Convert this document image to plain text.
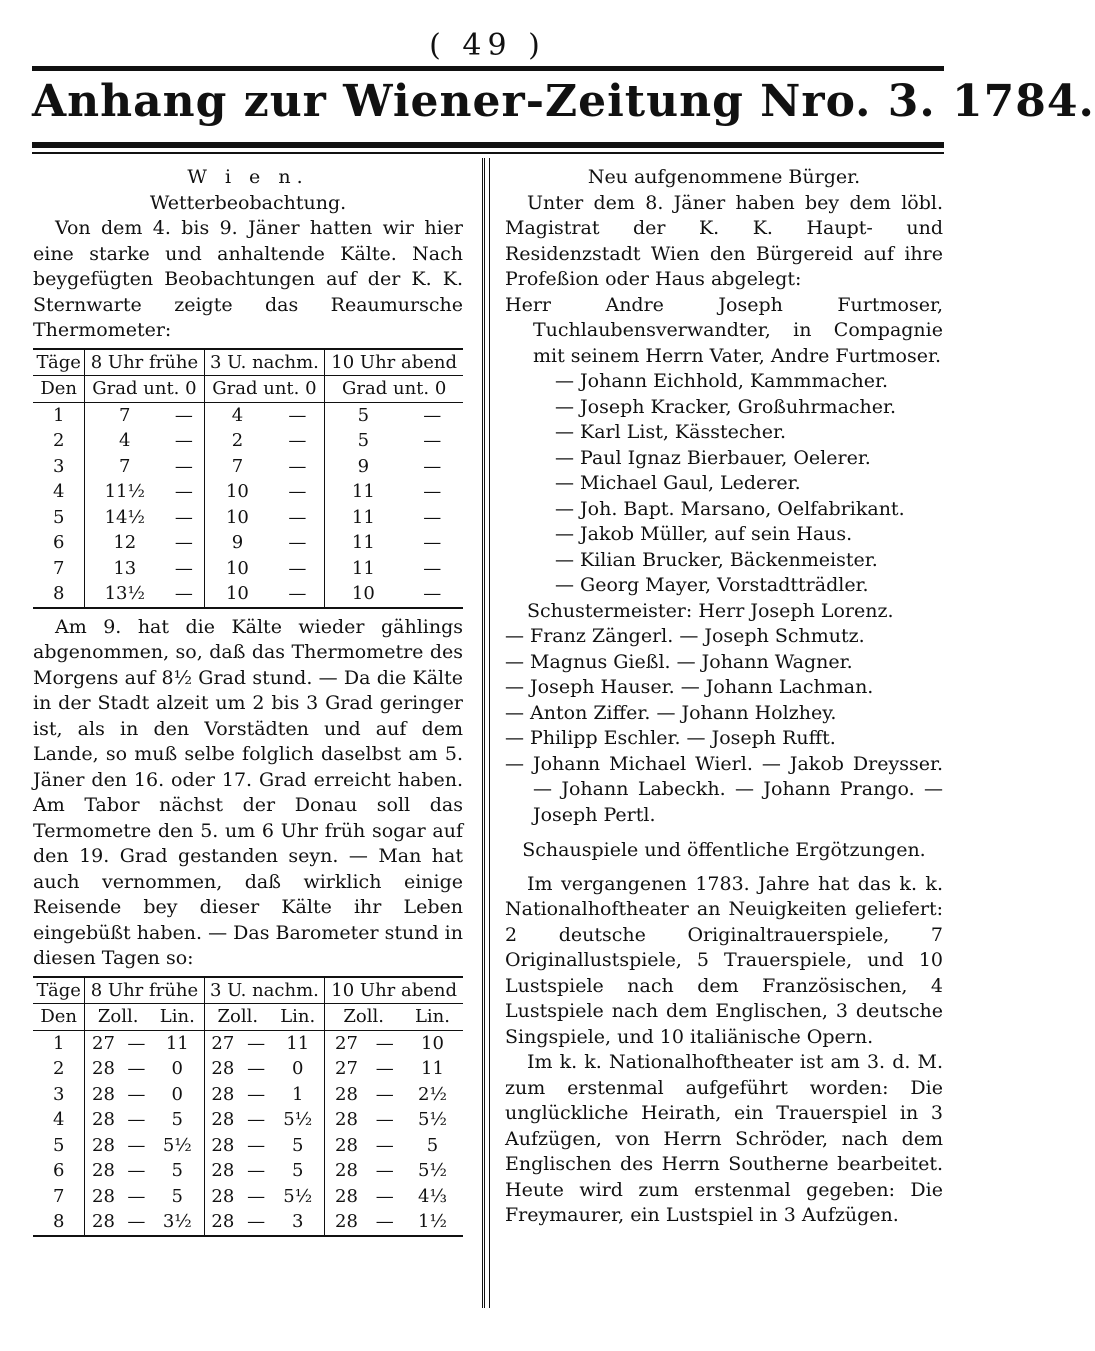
( 49 )
Anhang zur Wiener-Zeitung Nro. 3. 1784.

W i e n.

Wetterbeobachtung.

Von dem 4. bis 9. Jäner hatten wir hier eine starke und anhaltende Kälte. Nach beygefügten Beobachtungen auf der K. K. Sternwarte zeigte das Reaumursche Thermometer:

Täge	8 Uhr frühe		3 U. nachm.		10 Uhr abend	
Den	Grad unt. 0		Grad unt. 0		Grad unt. 0	
1	7	—	4	—	5	—
2	4	—	2	—	5	—
3	7	—	7	—	9	—
4	11½	—	10	—	11	—
5	14½	—	10	—	11	—
6	12	—	9	—	11	—
7	13	—	10	—	11	—
8	13½	—	10	—	10	—

Am 9. hat die Kälte wieder gählings abgenommen, so, daß das Thermometre des Morgens auf 8½ Grad stund. — Da die Kälte in der Stadt alzeit um 2 bis 3 Grad geringer ist, als in den Vorstädten und auf dem Lande, so muß selbe folglich daselbst am 5. Jäner den 16. oder 17. Grad erreicht haben. Am Tabor nächst der Donau soll das Termometre den 5. um 6 Uhr früh sogar auf den 19. Grad gestanden seyn. — Man hat auch vernommen, daß wirklich einige Reisende bey dieser Kälte ihr Leben eingebüßt haben. — Das Barometer stund in diesen Tagen so:

Täge	8 Uhr frühe			3 U. nachm.			10 Uhr abend		
Den	Zoll.		Lin.	Zoll.		Lin.	Zoll.		Lin.
1	27	—	11	27	—	11	27	—	10
2	28	—	0	28	—	0	27	—	11
3	28	—	0	28	—	1	28	—	2½
4	28	—	5	28	—	5½	28	—	5½
5	28	—	5½	28	—	5	28	—	5
6	28	—	5	28	—	5	28	—	5½
7	28	—	5	28	—	5½	28	—	4⅓
8	28	—	3½	28	—	3	28	—	1½

Neu aufgenommene Bürger.

Unter dem 8. Jäner haben bey dem löbl. Magistrat der K. K. Haupt- und Residenzstadt Wien den Bürgereid auf ihre Profeßion oder Haus abgelegt:

Herr Andre Joseph Furtmoser, Tuchlaubensverwandter, in Compagnie mit seinem Herrn Vater, Andre Furtmoser.

— Johann Eichhold, Kammmacher.

— Joseph Kracker, Großuhrmacher.

— Karl List, Kässtecher.

— Paul Ignaz Bierbauer, Oelerer.

— Michael Gaul, Lederer.

— Joh. Bapt. Marsano, Oelfabrikant.

— Jakob Müller, auf sein Haus.

— Kilian Brucker, Bäckenmeister.

— Georg Mayer, Vorstadtträdler.

Schustermeister: Herr Joseph Lorenz.

— Franz Zängerl. — Joseph Schmutz.

— Magnus Gießl. — Johann Wagner.

— Joseph Hauser. — Johann Lachman.

— Anton Ziffer. — Johann Holzhey.

— Philipp Eschler. — Joseph Rufft.

— Johann Michael Wierl. — Jakob Dreysser. — Johann Labeckh. — Johann Prango. — Joseph Pertl.

Schauspiele und öffentliche Ergötzungen.

Im vergangenen 1783. Jahre hat das k. k. Nationalhoftheater an Neuigkeiten geliefert: 2 deutsche Originaltrauerspiele, 7 Originallustspiele, 5 Trauerspiele, und 10 Lustspiele nach dem Französischen, 4 Lustspiele nach dem Englischen, 3 deutsche Singspiele, und 10 italiänische Opern.

Im k. k. Nationalhoftheater ist am 3. d. M. zum erstenmal aufgeführt worden: Die unglückliche Heirath, ein Trauerspiel in 3 Aufzügen, von Herrn Schröder, nach dem Englischen des Herrn Southerne bearbeitet. Heute wird zum erstenmal gegeben: Die Freymaurer, ein Lustspiel in 3 Aufzügen.
